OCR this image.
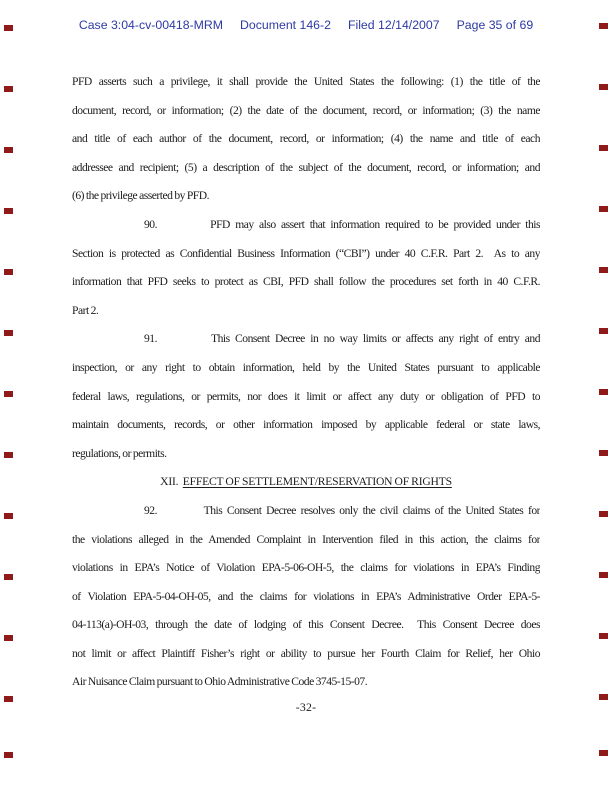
Case 3:04-cv-00418-MRM Document 146-2 Filed 12/14/2007 Page 35 of 69
PFD asserts such a privilege, it shall provide the United States the following: (1) the title of the
document, record, or information; (2) the date of the document, record, or information; (3) the name
and title of each author of the document, record, or information; (4) the name and title of each
addressee and recipient; (5) a description of the subject of the document, record, or information; and
(6) the privilege asserted by PFD.
90.          PFD may also assert that information required to be provided under this
Section is protected as Confidential Business Information (“CBI”) under 40 C.F.R. Part 2.  As to any
information that PFD seeks to protect as CBI, PFD shall follow the procedures set forth in 40 C.F.R.
Part 2.
91.          This Consent Decree in no way limits or affects any right of entry and
inspection, or any right to obtain information, held by the United States pursuant to applicable
federal laws, regulations, or permits, nor does it limit or affect any duty or obligation of PFD to
maintain documents, records, or other information imposed by applicable federal or state laws,
regulations, or permits.
XII.  EFFECT OF SETTLEMENT/RESERVATION OF RIGHTS
92.          This Consent Decree resolves only the civil claims of the United States for
the violations alleged in the Amended Complaint in Intervention filed in this action, the claims for
violations in EPA’s Notice of Violation EPA-5-06-OH-5, the claims for violations in EPA’s Finding
of Violation EPA-5-04-OH-05, and the claims for violations in EPA’s Administrative Order EPA-5-
04-113(a)-OH-03, through the date of lodging of this Consent Decree.  This Consent Decree does
not limit or affect Plaintiff Fisher’s right or ability to pursue her Fourth Claim for Relief, her Ohio
Air Nuisance Claim pursuant to Ohio Administrative Code 3745-15-07.
-32-
